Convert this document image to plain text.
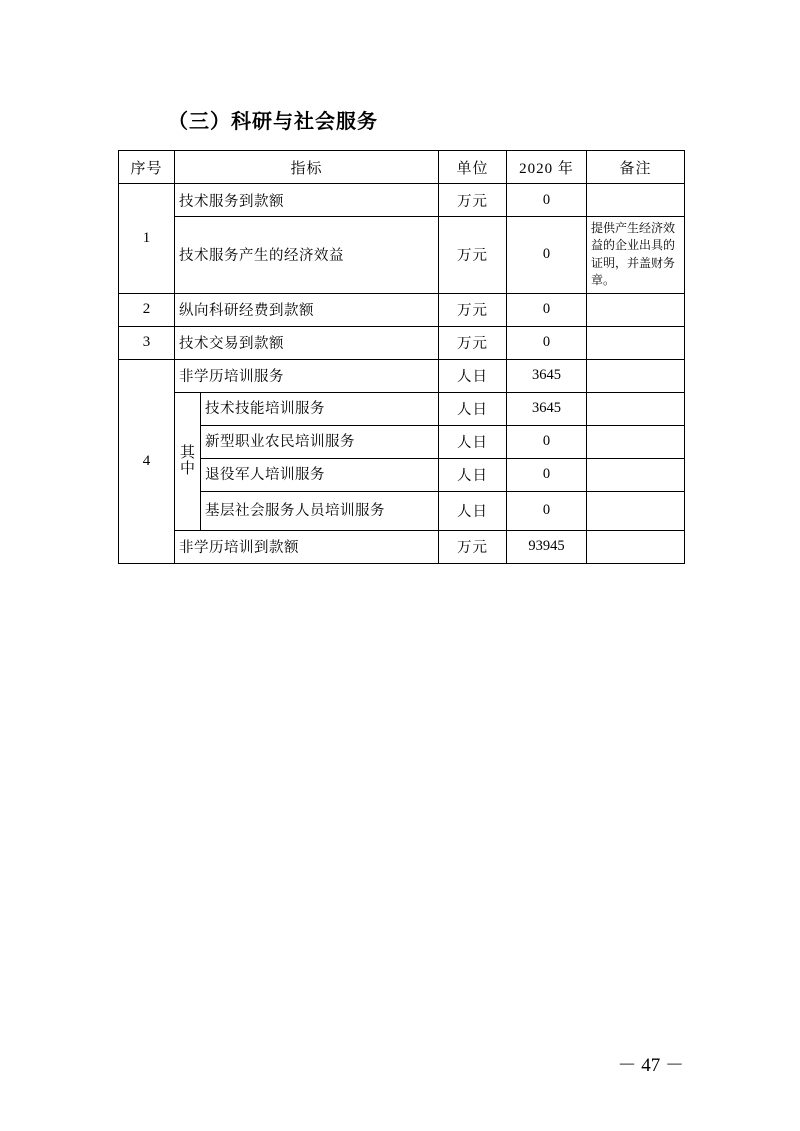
（三）科研与社会服务
序号	指标		单位	2020 年	备注
1	技术服务到款额		万元	0	
	技术服务产生的经济效益		万元	0	提供产生经济效益的企业出具的证明，并盖财务章。
2	纵向科研经费到款额		万元	0	
3	技术交易到款额		万元	0	
4	非学历培训服务		人日	3645	

	其中	技术技能培训服务	人日	3645	
		新型职业农民培训服务	人日	0	
		退役军人培训服务	人日	0	
		基层社会服务人员培训服务	人日	0	
	非学历培训到款额		万元	93945	
－ 47 －
